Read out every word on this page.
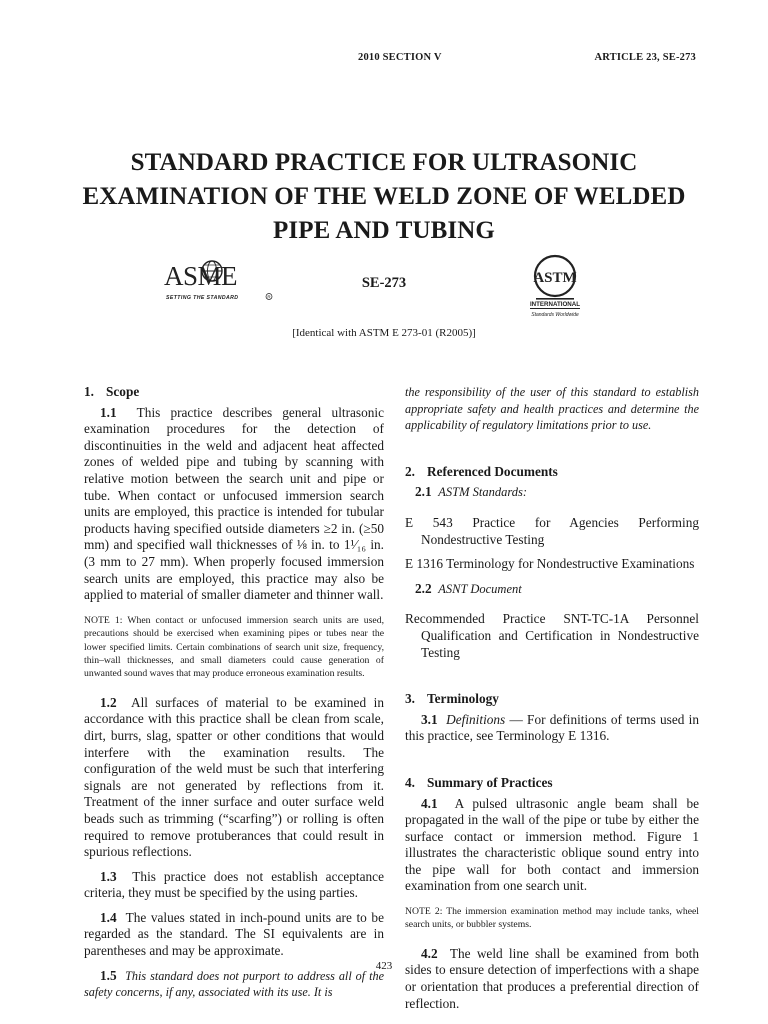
2010 SECTION V	ARTICLE 23, SE-273
STANDARD PRACTICE FOR ULTRASONIC
EXAMINATION OF THE WELD ZONE OF WELDED
PIPE AND TUBING
ASME
SETTING THE STANDARD	R
SE-273	ASTM
INTERNATIONAL
Standards Worldwide
[Identical with ASTM E 273-01 (R2005)]
1. Scope

1.1 This practice describes general ultrasonic examination procedures for the detection of discontinuities in the weld and adjacent heat affected zones of welded pipe and tubing by scanning with relative motion between the search unit and pipe or tube. When contact or unfocused immersion search units are employed, this practice is intended for tubular products having specified outside diameters ≥2 in. (≥50 mm) and specified wall thicknesses of ⅛ in. to 1¹⁄₁₆ in. (3 mm to 27 mm). When properly focused immersion search units are employed, this practice may also be applied to material of smaller diameter and thinner wall.

NOTE 1: When contact or unfocused immersion search units are used, precautions should be exercised when examining pipes or tubes near the lower specified limits. Certain combinations of search unit size, frequency, thin–wall thicknesses, and small diameters could cause generation of unwanted sound waves that may produce erroneous examination results.

1.2 All surfaces of material to be examined in accordance with this practice shall be clean from scale, dirt, burrs, slag, spatter or other conditions that would interfere with the examination results. The configuration of the weld must be such that interfering signals are not generated by reflections from it. Treatment of the inner surface and outer surface weld beads such as trimming (“scarfing”) or rolling is often required to remove protuberances that could result in spurious reflections.

1.3 This practice does not establish acceptance criteria, they must be specified by the using parties.

1.4 The values stated in inch-pound units are to be regarded as the standard. The SI equivalents are in parentheses and may be approximate.

1.5 This standard does not purport to address all of the safety concerns, if any, associated with its use. It is

the responsibility of the user of this standard to establish appropriate safety and health practices and determine the applicability of regulatory limitations prior to use.

2. Referenced Documents

2.1 ASTM Standards:

E 543 Practice for Agencies Performing Nondestructive Testing

E 1316 Terminology for Nondestructive Examinations

2.2 ASNT Document

Recommended Practice SNT-TC-1A Personnel Qualification and Certification in Nondestructive Testing

3. Terminology

3.1 Definitions — For definitions of terms used in this practice, see Terminology E 1316.

4. Summary of Practices

4.1 A pulsed ultrasonic angle beam shall be propagated in the wall of the pipe or tube by either the surface contact or immersion method. Figure 1 illustrates the characteristic oblique sound entry into the pipe wall for both contact and immersion examination from one search unit.

NOTE 2: The immersion examination method may include tanks, wheel search units, or bubbler systems.

4.2 The weld line shall be examined from both sides to ensure detection of imperfections with a shape or orientation that produces a preferential direction of reflection.

423
